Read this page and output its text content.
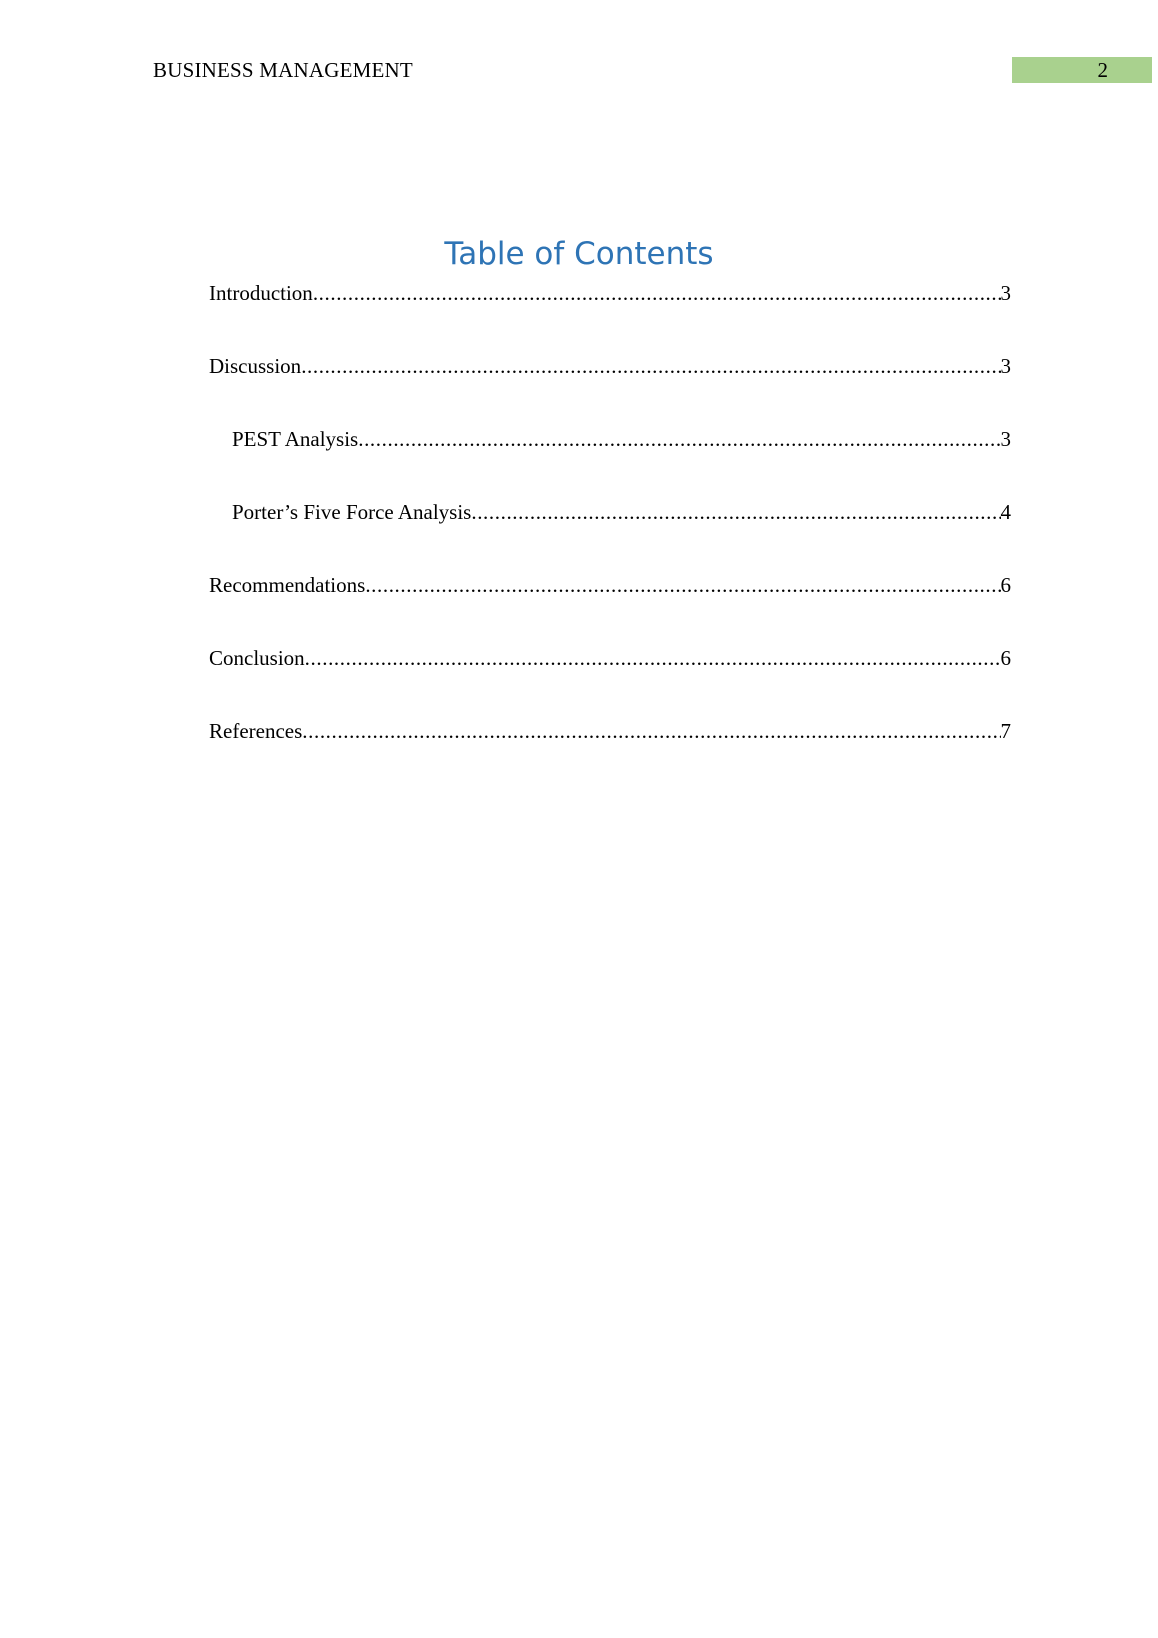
BUSINESS MANAGEMENT	2
Table of Contents
Introduction .....	3
Discussion .....	3
PEST Analysis .....	3
Porter’s Five Force Analysis .....	4
Recommendations .....	6
Conclusion .....	6
References .....	7
